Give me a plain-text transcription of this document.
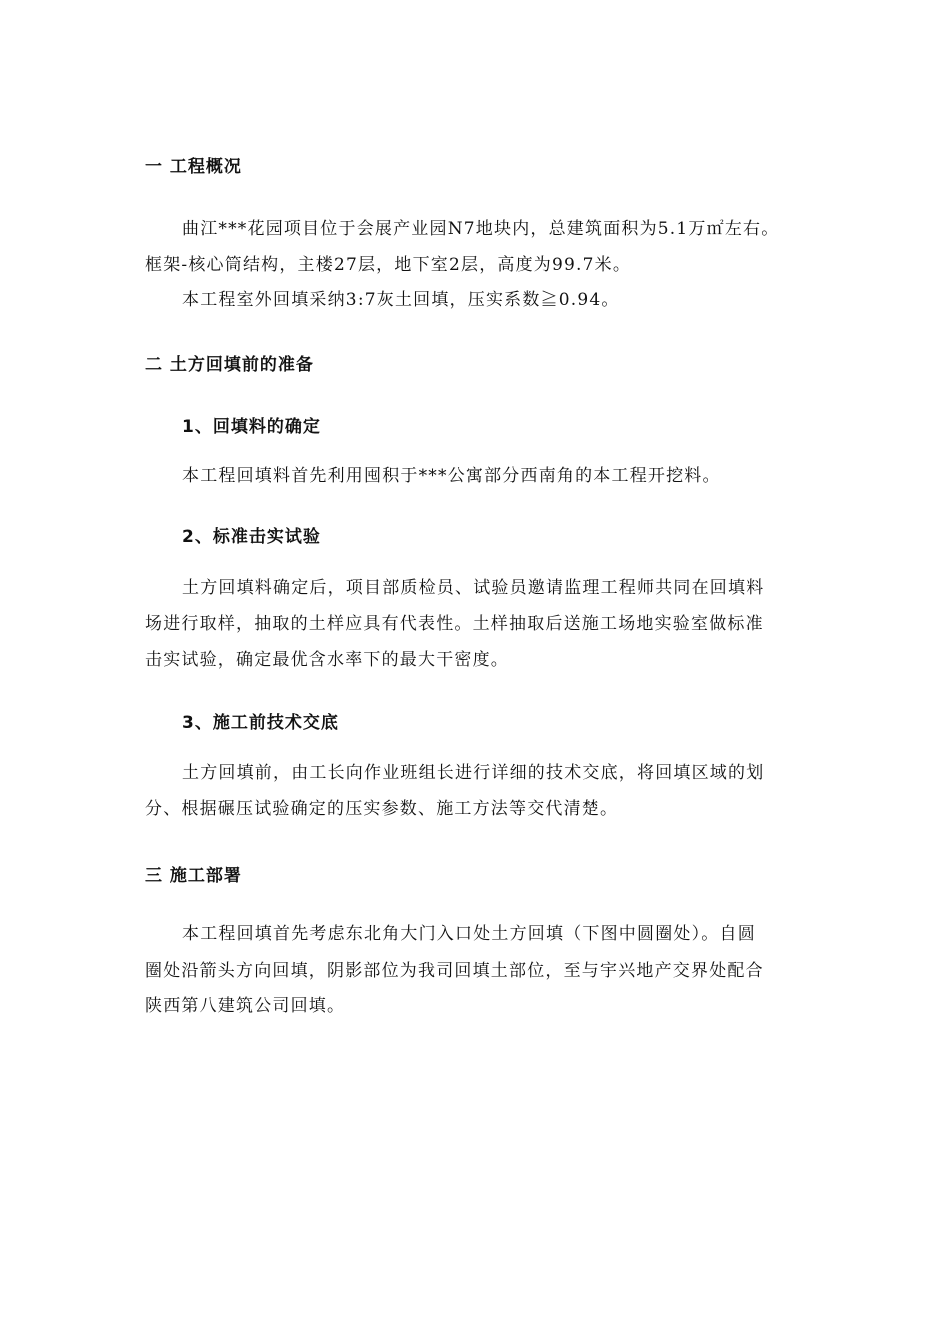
一 工程概况
曲江***花园项目位于会展产业园N7地块内，总建筑面积为5.1万㎡左右。
框架-核心筒结构，主楼27层，地下室2层，高度为99.7米。
本工程室外回填采纳3:7灰土回填，压实系数≧0.94。
二 土方回填前的准备
1、回填料的确定
本工程回填料首先利用囤积于***公寓部分西南角的本工程开挖料。
2、标准击实试验
土方回填料确定后，项目部质检员、试验员邀请监理工程师共同在回填料
场进行取样，抽取的土样应具有代表性。土样抽取后送施工场地实验室做标准
击实试验，确定最优含水率下的最大干密度。
3、施工前技术交底
土方回填前，由工长向作业班组长进行详细的技术交底，将回填区域的划
分、根据碾压试验确定的压实参数、施工方法等交代清楚。
三 施工部署
本工程回填首先考虑东北角大门入口处土方回填（下图中圆圈处）。自圆
圈处沿箭头方向回填，阴影部位为我司回填土部位，至与宇兴地产交界处配合
陕西第八建筑公司回填。
